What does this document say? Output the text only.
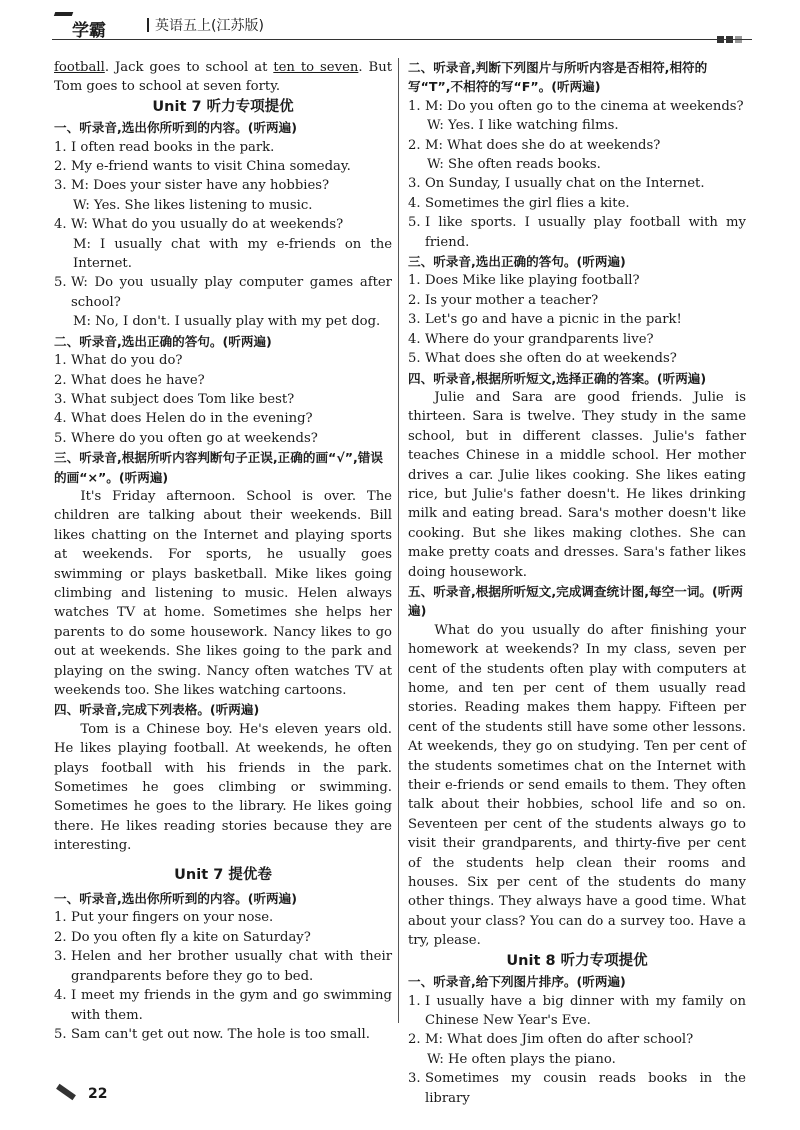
学霸	英语五上(江苏版)

football. Jack goes to school at ten to seven. But Tom goes to school at seven forty.

Unit 7 听力专项提优
一、听录音,选出你所听到的内容。(听两遍)
1. I often read books in the park.
2. My e-friend wants to visit China someday.
3. M: Does your sister have any hobbies?

W: Yes. She likes listening to music.

4. W: What do you usually do at weekends?

M: I usually chat with my e-friends on the Internet.

5. W: Do you usually play computer games after school?

M: No, I don't. I usually play with my pet dog.

二、听录音,选出正确的答句。(听两遍)
1. What do you do?
2. What does he have?
3. What subject does Tom like best?
4. What does Helen do in the evening?
5. Where do you often go at weekends?
三、听录音,根据所听内容判断句子正误,正确的画“√”,错误的画“×”。(听两遍)

It's Friday afternoon. School is over. The children are talking about their weekends. Bill likes chatting on the Internet and playing sports at weekends. For sports, he usually goes swimming or plays basketball. Mike likes going climbing and listening to music. Helen always watches TV at home. Sometimes she helps her parents to do some housework. Nancy likes to go out at weekends. She likes going to the park and playing on the swing. Nancy often watches TV at weekends too. She likes watching cartoons.

四、听录音,完成下列表格。(听两遍)

Tom is a Chinese boy. He's eleven years old. He likes playing football. At weekends, he often plays football with his friends in the park. Sometimes he goes climbing or swimming. Sometimes he goes to the library. He likes going there. He likes reading stories because they are interesting.

Unit 7 提优卷
一、听录音,选出你所听到的内容。(听两遍)
1. Put your fingers on your nose.
2. Do you often fly a kite on Saturday?
3. Helen and her brother usually chat with their grandparents before they go to bed.
4. I meet my friends in the gym and go swimming with them.
5. Sam can't get out now. The hole is too small.
二、听录音,判断下列图片与所听内容是否相符,相符的写“T”,不相符的写“F”。(听两遍)
1. M: Do you often go to the cinema at weekends?

W: Yes. I like watching films.

2. M: What does she do at weekends?

W: She often reads books.

3. On Sunday, I usually chat on the Internet.
4. Sometimes the girl flies a kite.
5. I like sports. I usually play football with my friend.
三、听录音,选出正确的答句。(听两遍)
1. Does Mike like playing football?
2. Is your mother a teacher?
3. Let's go and have a picnic in the park!
4. Where do your grandparents live?
5. What does she often do at weekends?
四、听录音,根据所听短文,选择正确的答案。(听两遍)

Julie and Sara are good friends. Julie is thirteen. Sara is twelve. They study in the same school, but in different classes. Julie's father teaches Chinese in a middle school. Her mother drives a car. Julie likes cooking. She likes eating rice, but Julie's father doesn't. He likes drinking milk and eating bread. Sara's mother doesn't like cooking. But she likes making clothes. She can make pretty coats and dresses. Sara's father likes doing housework.

五、听录音,根据所听短文,完成调查统计图,每空一词。(听两遍)

What do you usually do after finishing your homework at weekends? In my class, seven per cent of the students often play with computers at home, and ten per cent of them usually read stories. Reading makes them happy. Fifteen per cent of the students still have some other lessons. At weekends, they go on studying. Ten per cent of the students sometimes chat on the Internet with their e-friends or send emails to them. They often talk about their hobbies, school life and so on. Seventeen per cent of the students always go to visit their grandparents, and thirty-five per cent of the students help clean their rooms and houses. Six per cent of the students do many other things. They always have a good time. What about your class? You can do a survey too. Have a try, please.

Unit 8 听力专项提优
一、听录音,给下列图片排序。(听两遍)
1. I usually have a big dinner with my family on Chinese New Year's Eve.
2. M: What does Jim often do after school?

W: He often plays the piano.

3. Sometimes my cousin reads books in the library
22
